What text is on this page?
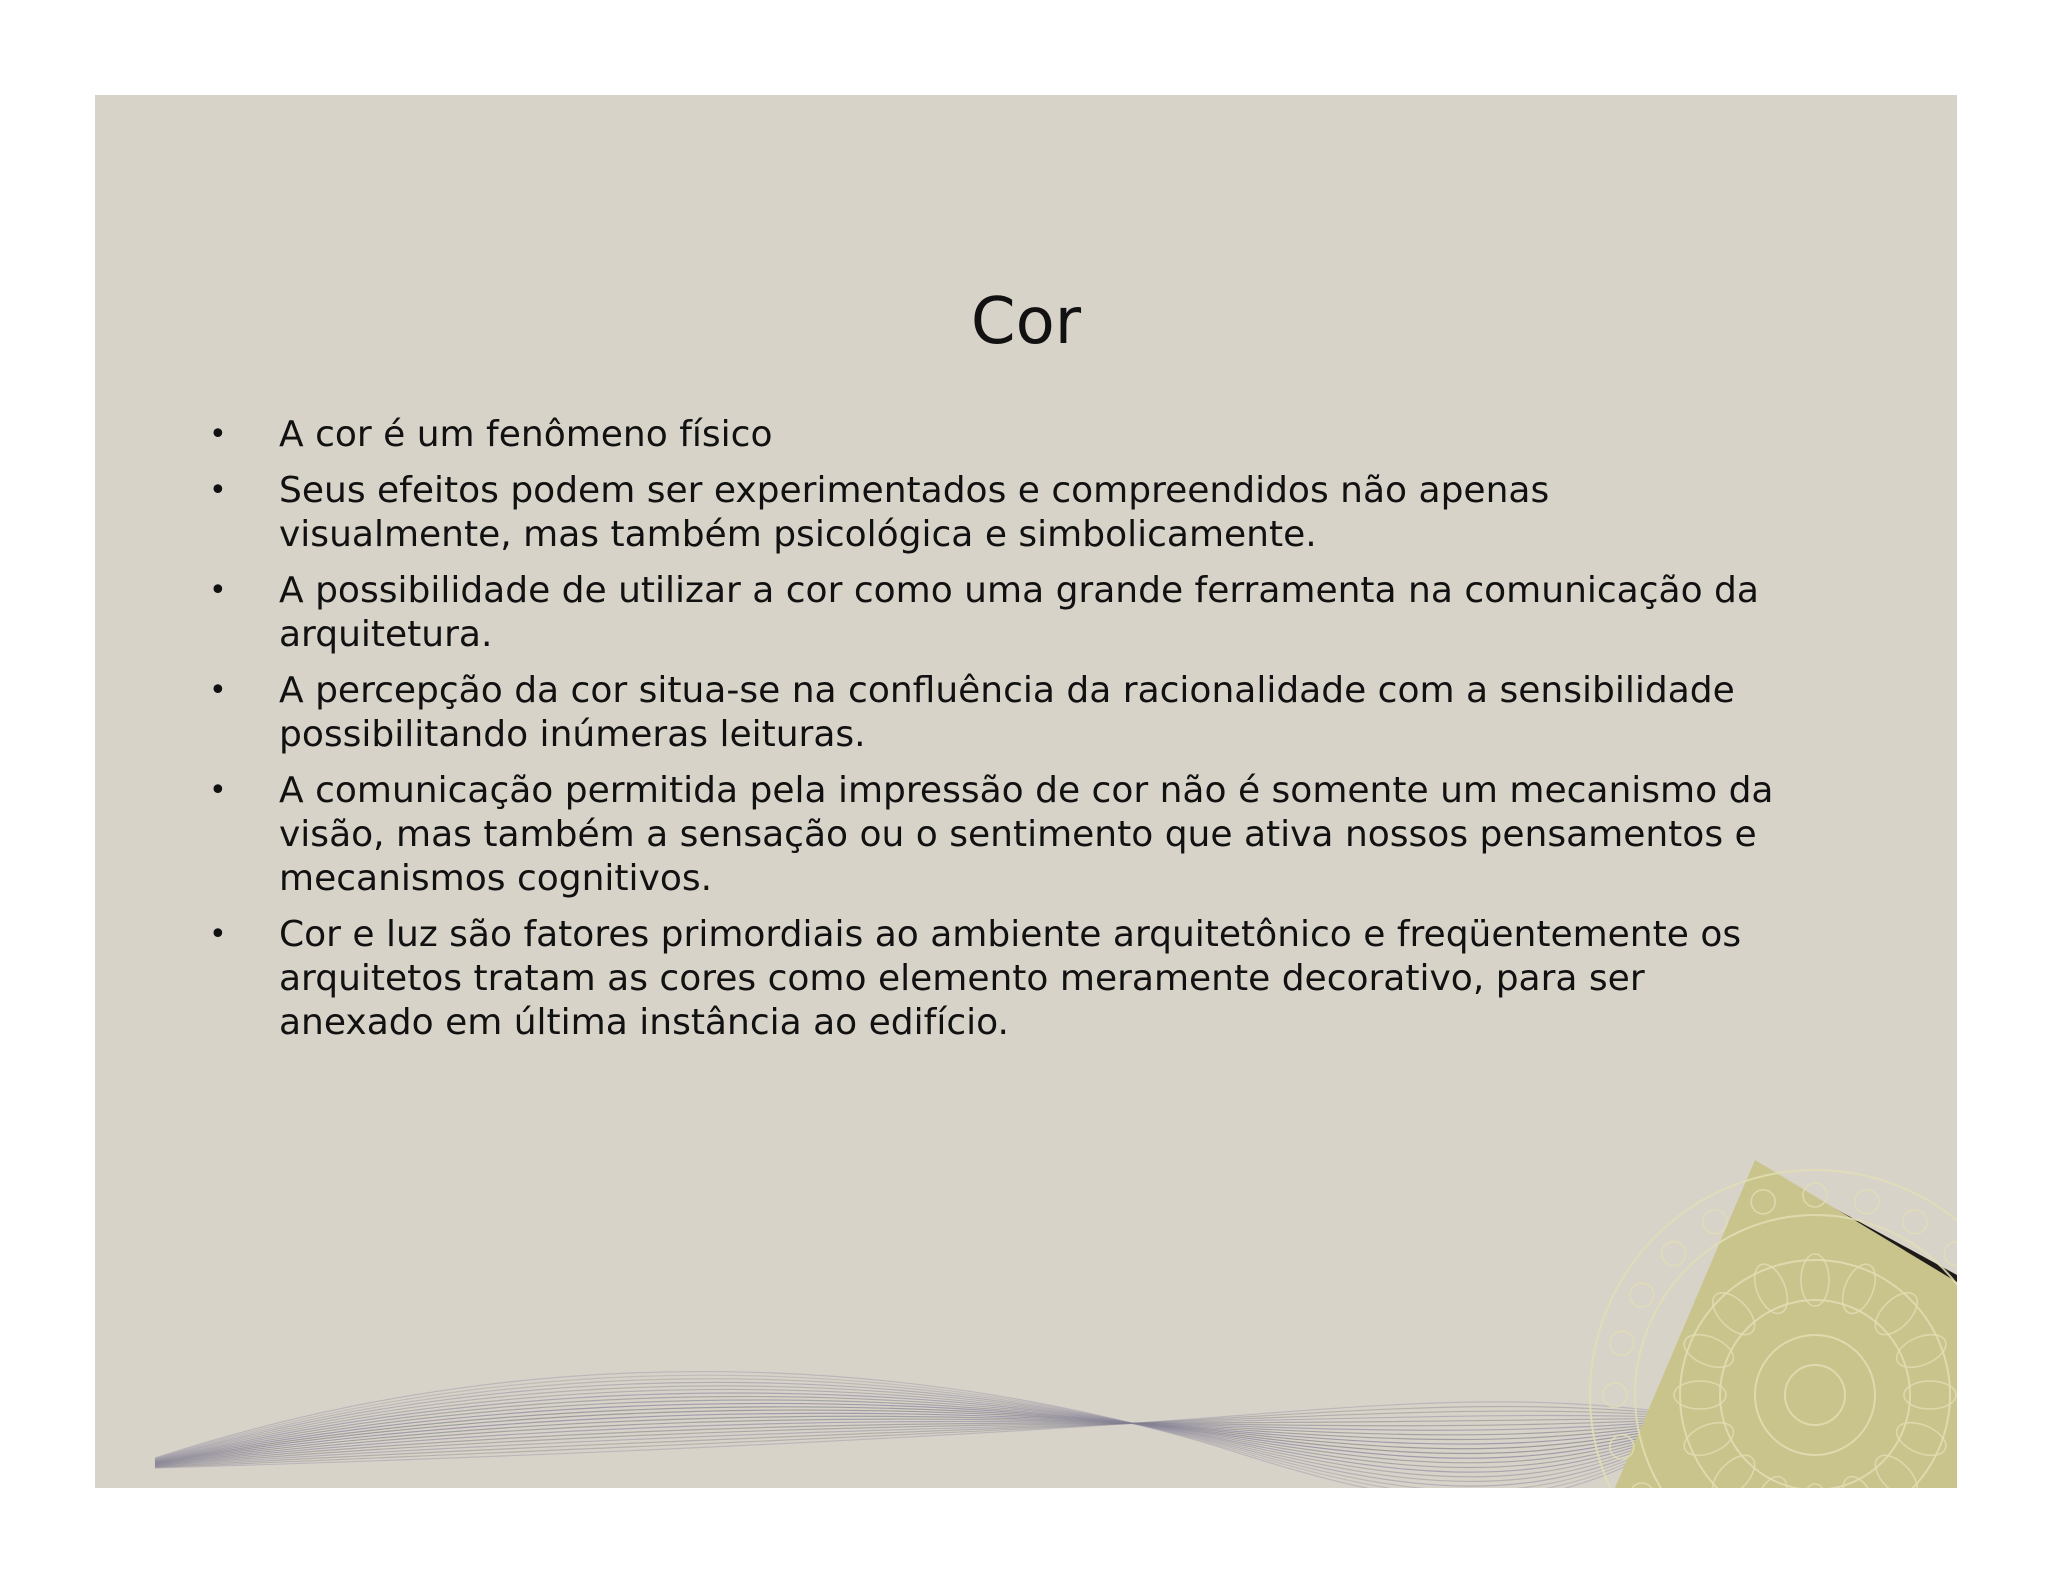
Cor
• A cor é um fenômeno físico
• Seus efeitos podem ser experimentados e compreendidos não apenas
visualmente, mas também psicológica e simbolicamente.
• A possibilidade de utilizar a cor como uma grande ferramenta na comunicação da
arquitetura.
• A percepção da cor situa-se na confluência da racionalidade com a sensibilidade
possibilitando inúmeras leituras.
• A comunicação permitida pela impressão de cor não é somente um mecanismo da
visão, mas também a sensação ou o sentimento que ativa nossos pensamentos e
mecanismos cognitivos.
• Cor e luz são fatores primordiais ao ambiente arquitetônico e freqüentemente os
arquitetos tratam as cores como elemento meramente decorativo, para ser
anexado em última instância ao edifício.
